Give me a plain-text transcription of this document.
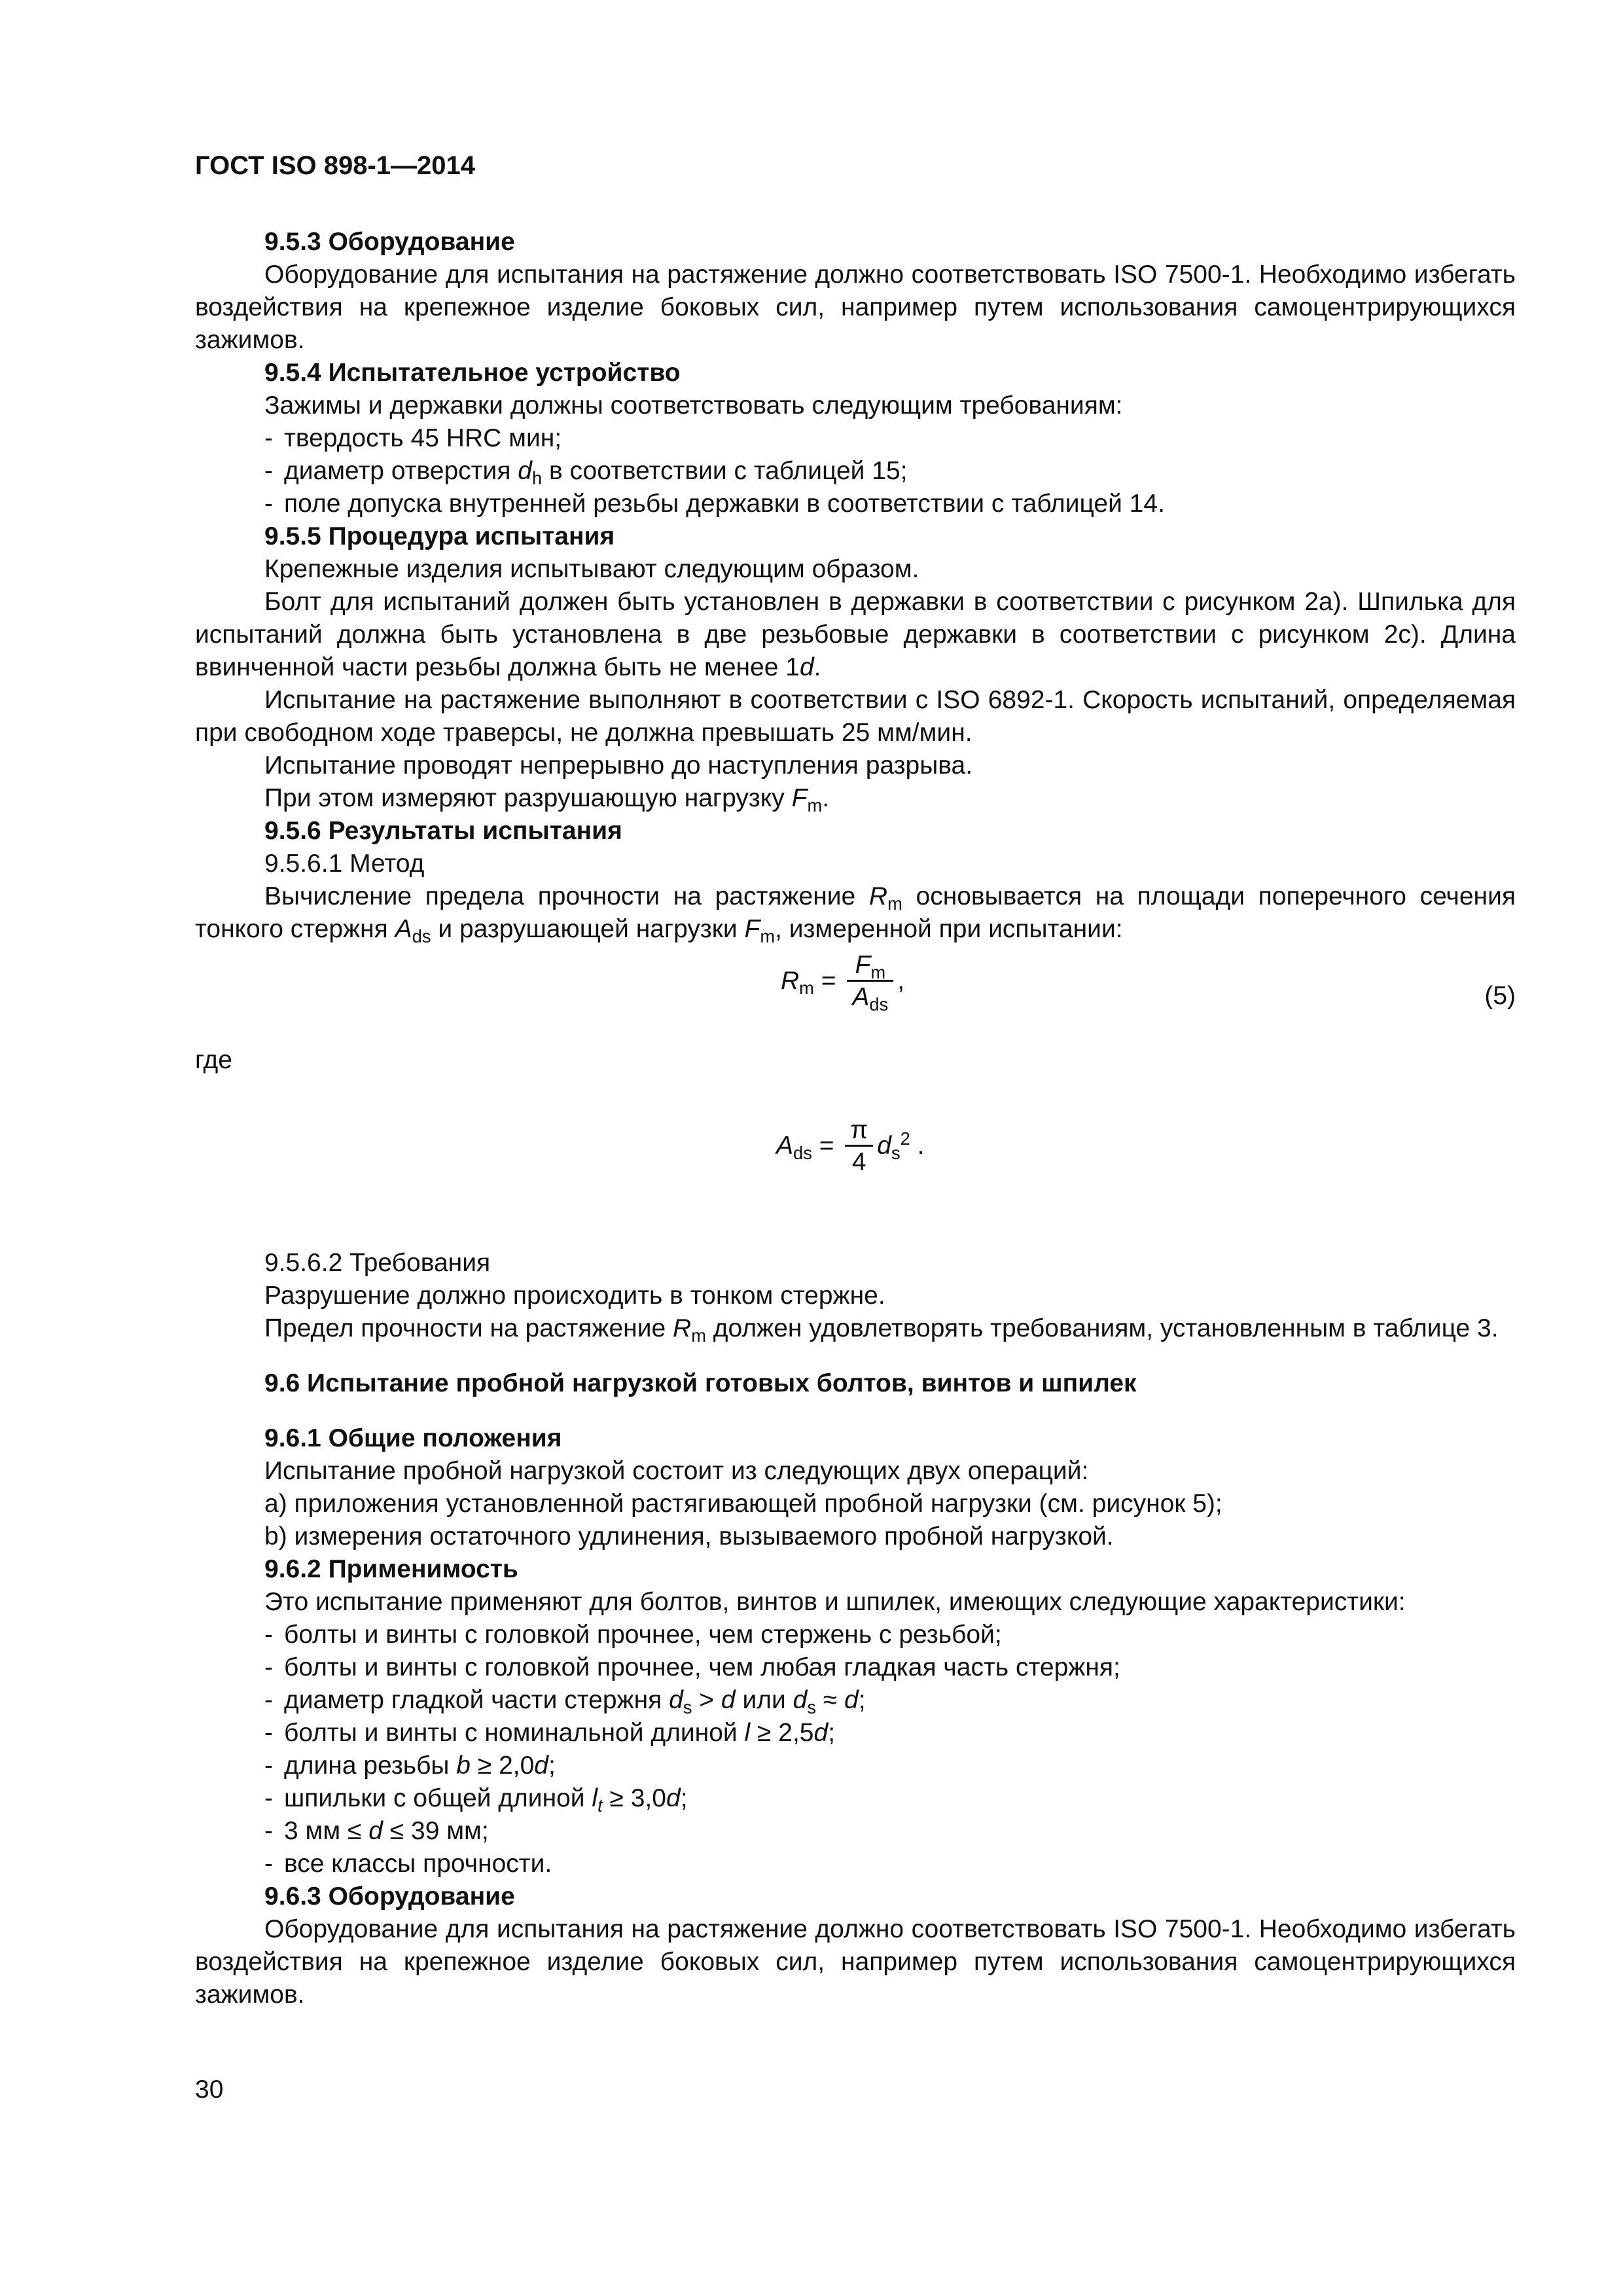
ГОСТ ISO 898-1—2014

9.5.3 Оборудование

Оборудование для испытания на растяжение должно соответствовать ISO 7500-1. Необходимо избегать воздействия на крепежное изделие боковых сил, например путем использования самоцентрирующихся зажимов.

9.5.4 Испытательное устройство

Зажимы и державки должны соответствовать следующим требованиям:

- твердость 45 HRC мин;

- диаметр отверстия $d_h$ в соответствии с таблицей 15;

- поле допуска внутренней резьбы державки в соответствии с таблицей 14.

9.5.5 Процедура испытания

Крепежные изделия испытывают следующим образом.

Болт для испытаний должен быть установлен в державки в соответствии с рисунком 2а). Шпилька для испытаний должна быть установлена в две резьбовые державки в соответствии с рисунком 2с). Длина ввинченной части резьбы должна быть не менее 1d.

Испытание на растяжение выполняют в соответствии с ISO 6892-1. Скорость испытаний, определяемая при свободном ходе траверсы, не должна превышать 25 мм/мин.

Испытание проводят непрерывно до наступления разрыва.

При этом измеряют разрушающую нагрузку $F_m$.

9.5.6 Результаты испытания

9.5.6.1 Метод

Вычисление предела прочности на растяжение $R_m$ основывается на площади поперечного сечения тонкого стержня $A_{ds}$ и разрушающей нагрузки $F_m$, измеренной при испытании:

$R_m = \frac{F_m}{A_{ds}}$ ,
(5)

где

$A_{ds} = \frac{\pi}{4} d_s^2$ .

9.5.6.2 Требования

Разрушение должно происходить в тонком стержне.

Предел прочности на растяжение $R_m$ должен удовлетворять требованиям, установленным в таблице 3.

9.6 Испытание пробной нагрузкой готовых болтов, винтов и шпилек

9.6.1 Общие положения

Испытание пробной нагрузкой состоит из следующих двух операций:

а) приложения установленной растягивающей пробной нагрузки (см. рисунок 5);

b) измерения остаточного удлинения, вызываемого пробной нагрузкой.

9.6.2 Применимость

Это испытание применяют для болтов, винтов и шпилек, имеющих следующие характеристики:

- болты и винты с головкой прочнее, чем стержень с резьбой;

- болты и винты с головкой прочнее, чем любая гладкая часть стержня;

- диаметр гладкой части стержня $d_s > d$ или $d_s \approx d$;

- болты и винты с номинальной длиной l ≥ 2,5d;

- длина резьбы b ≥ 2,0d;

- шпильки с общей длиной $l_t \ge 3,0d$;

- 3 мм ≤ d ≤ 39 мм;

- все классы прочности.

9.6.3 Оборудование

Оборудование для испытания на растяжение должно соответствовать ISO 7500-1. Необходимо избегать воздействия на крепежное изделие боковых сил, например путем использования самоцентрирующихся зажимов.

30
